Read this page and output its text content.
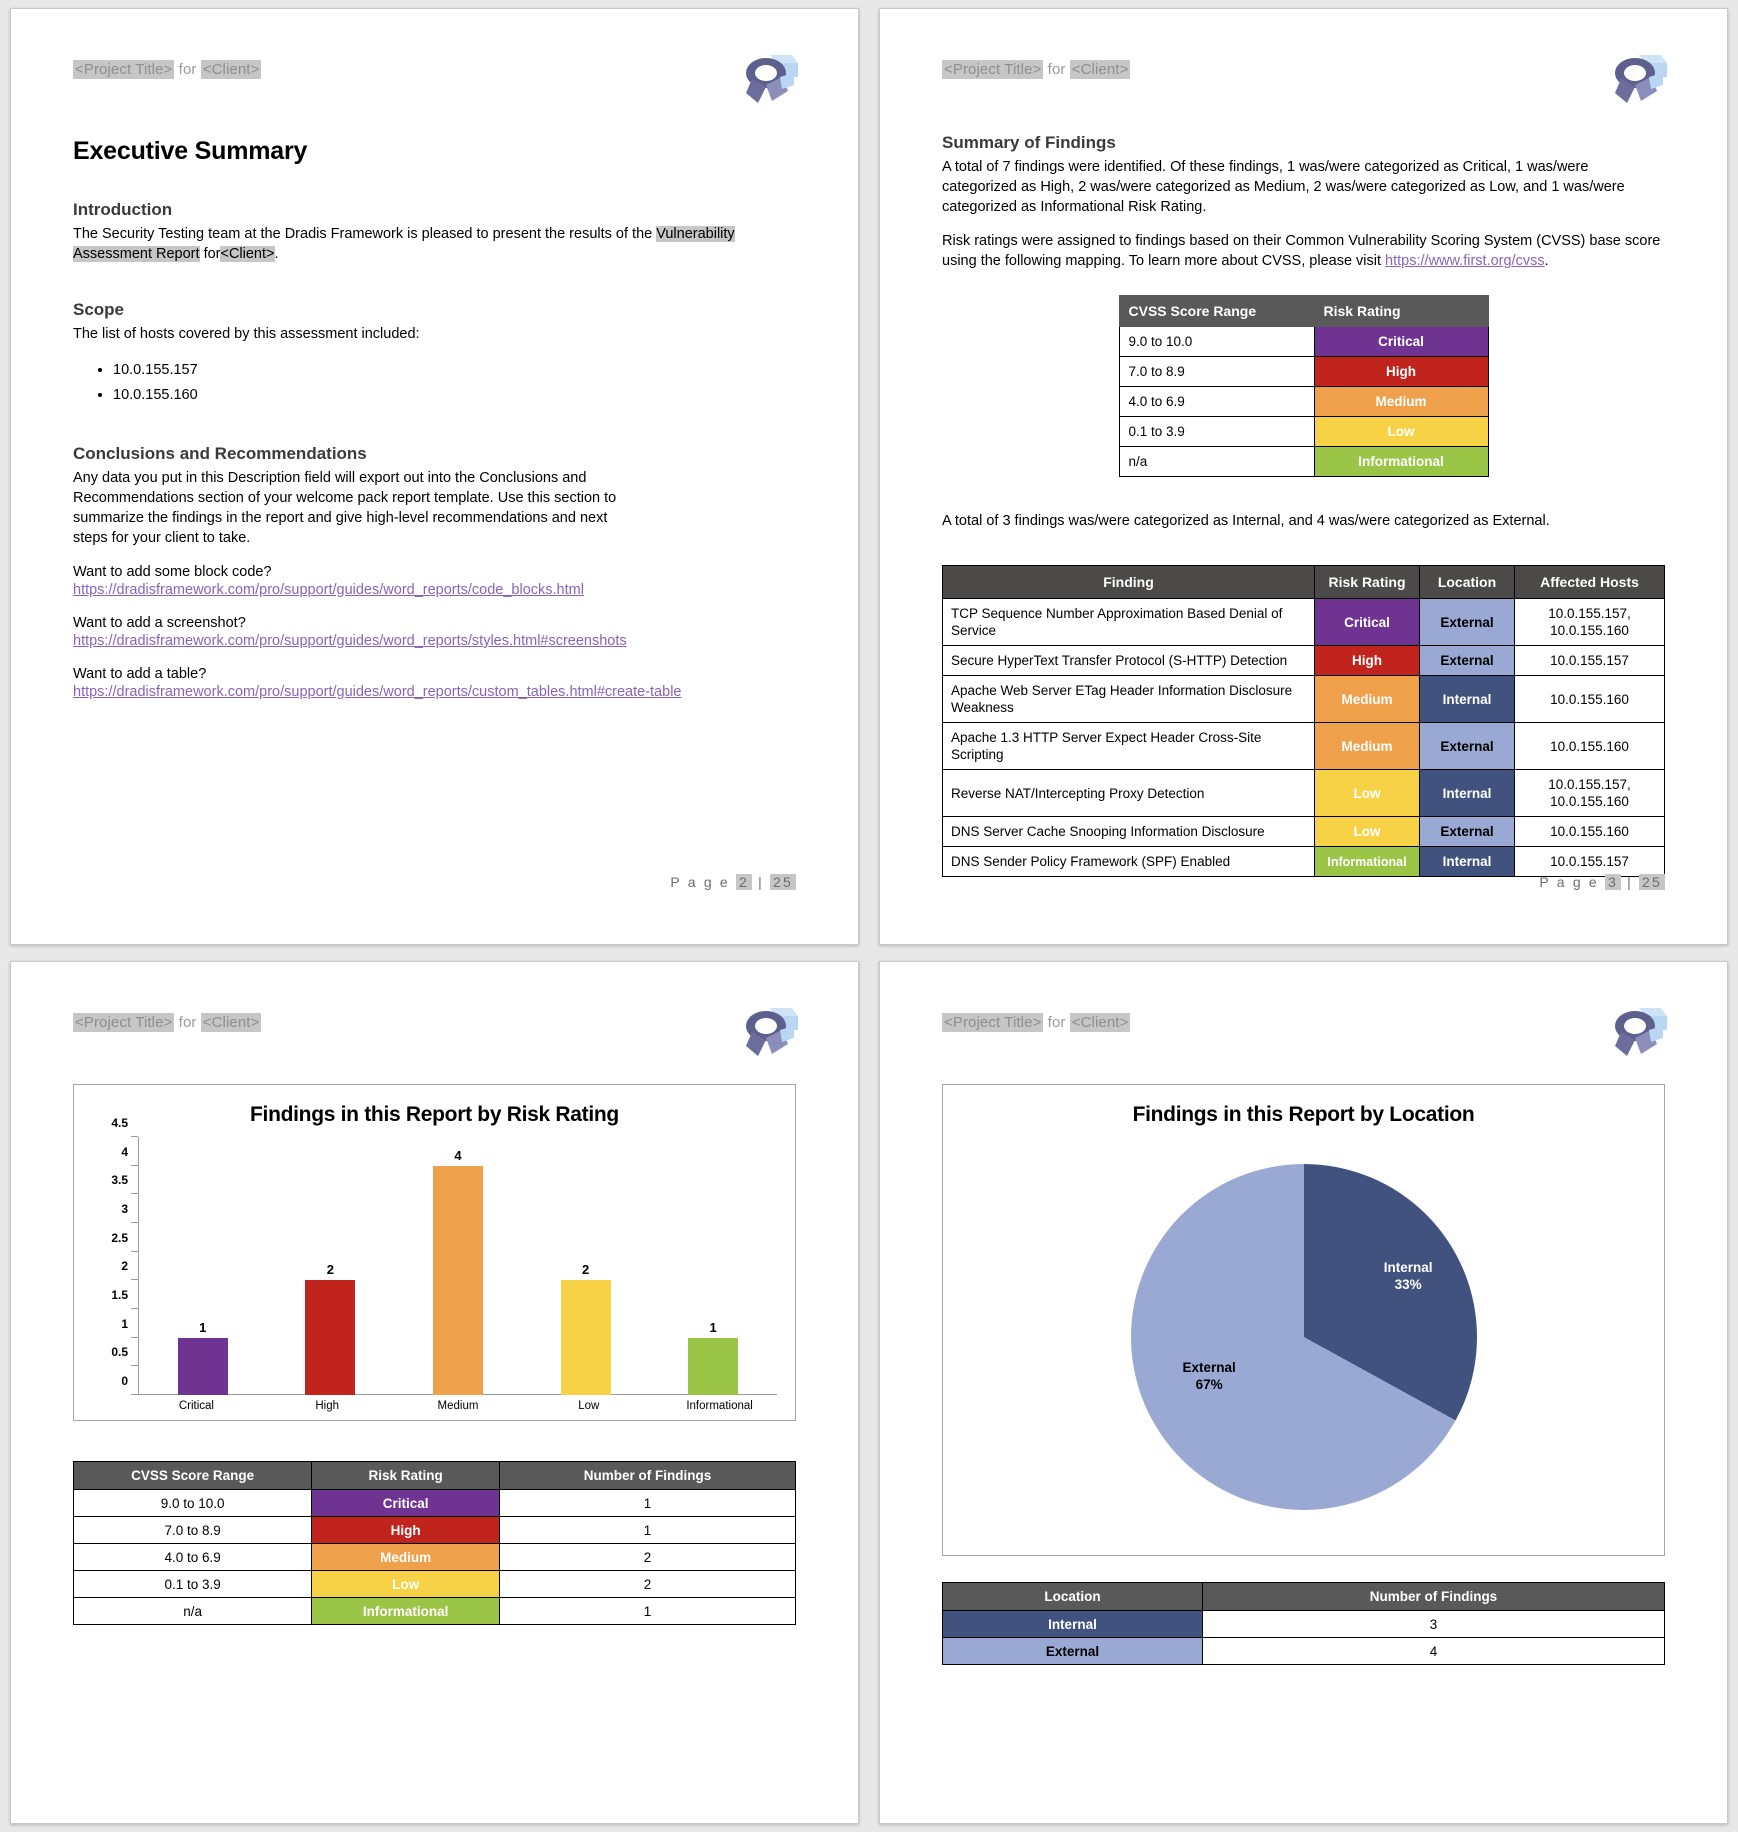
<Project Title> for <Client>
Executive Summary
Introduction

The Security Testing team at the Dradis Framework is pleased to present the results of the Vulnerability Assessment Report for<Client>.

Scope

The list of hosts covered by this assessment included:

• 10.0.155.157
• 10.0.155.160
Conclusions and Recommendations

Any data you put in this Description field will export out into the Conclusions and Recommendations section of your welcome pack report template. Use this section to summarize the findings in the report and give high-level recommendations and next steps for your client to take.

Want to add some block code?

https://dradisframework.com/pro/support/guides/word_reports/code_blocks.html

Want to add a screenshot?

https://dradisframework.com/pro/support/guides/word_reports/styles.html#screenshots

Want to add a table?

https://dradisframework.com/pro/support/guides/word_reports/custom_tables.html#create-table
P a g e 2 | 25
<Project Title> for <Client>
Summary of Findings

A total of 7 findings were identified. Of these findings, 1 was/were categorized as Critical, 1 was/were categorized as High, 2 was/were categorized as Medium, 2 was/were categorized as Low, and 1 was/were categorized as Informational Risk Rating.

Risk ratings were assigned to findings based on their Common Vulnerability Scoring System (CVSS) base score using the following mapping. To learn more about CVSS, please visit https://www.first.org/cvss.

CVSS Score Range	Risk Rating
9.0 to 10.0	Critical
7.0 to 8.9	High
4.0 to 6.9	Medium
0.1 to 3.9	Low
n/a	Informational

A total of 3 findings was/were categorized as Internal, and 4 was/were categorized as External.

Finding	Risk Rating	Location	Affected Hosts
TCP Sequence Number Approximation Based Denial of Service	Critical	External	10.0.155.157, 10.0.155.160
Secure HyperText Transfer Protocol (S-HTTP) Detection	High	External	10.0.155.157
Apache Web Server ETag Header Information Disclosure Weakness	Medium	Internal	10.0.155.160
Apache 1.3 HTTP Server Expect Header Cross-Site Scripting	Medium	External	10.0.155.160
Reverse NAT/Intercepting Proxy Detection	Low	Internal	10.0.155.157, 10.0.155.160
DNS Server Cache Snooping Information Disclosure	Low	External	10.0.155.160
DNS Sender Policy Framework (SPF) Enabled	Informational	Internal	10.0.155.157
P a g e 3 | 25
<Project Title> for <Client>
Findings in this Report by Risk Rating
0
0.5
1
1.5
2
2.5
3
3.5
4
4.5
1
2
4
2
1
Critical	High	Medium	Low	Informational
CVSS Score Range	Risk Rating	Number of Findings
9.0 to 10.0	Critical	1
7.0 to 8.9	High	1
4.0 to 6.9	Medium	2
0.1 to 3.9	Low	2
n/a	Informational	1
<Project Title> for <Client>
Findings in this Report by Location
Internal
33%
External
67%
Location	Number of Findings
Internal	3
External	4
